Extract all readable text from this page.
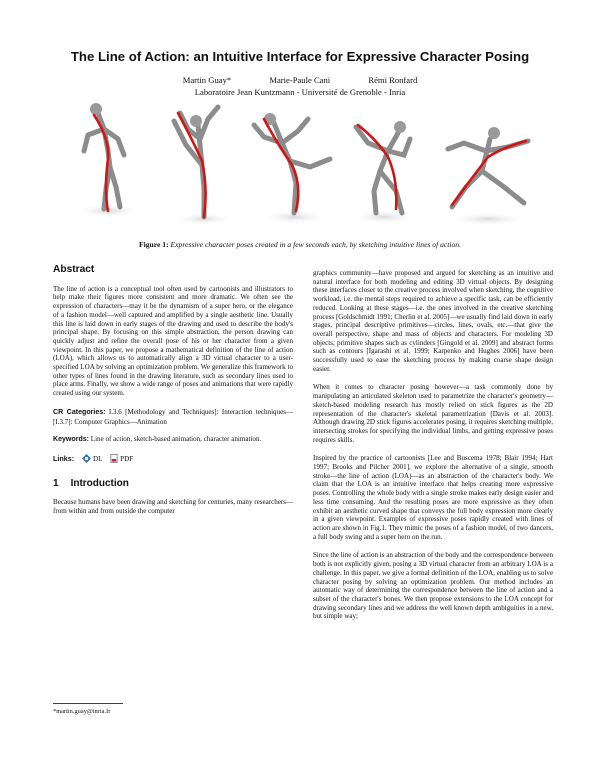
The Line of Action: an Intuitive Interface for Expressive Character Posing
Martin Guay*	Marie-Paule Cani	Rémi Ronfard
Laboratoire Jean Kuntzmann - Université de Grenoble - Inria
Figure 1: Expressive character poses created in a few seconds each, by sketching intuitive lines of action.
Abstract
The line of action is a conceptual tool often used by cartoonists and illustrators to help make their figures more consistent and more dramatic. We often see the expression of characters—may it be the dynamism of a super hero, or the elegance of a fashion model—well captured and amplified by a single aesthetic line. Usually this line is laid down in early stages of the drawing and used to describe the body's principal shape. By focusing on this simple abstraction, the person drawing can quickly adjust and refine the overall pose of his or her character from a given viewpoint. In this paper, we propose a mathematical definition of the line of action (LOA), which allows us to automatically align a 3D virtual character to a user-specified LOA by solving an optimization problem. We generalize this framework to other types of lines found in the drawing literature, such as secondary lines used to place arms. Finally, we show a wide range of poses and animations that were rapidly created using our system.
CR Categories: I.3.6 [Methodology and Techniques]: Interaction techniques— [I.3.7]: Computer Graphics—Animation
Keywords: Line of action, sketch-based animation, character animation.
Links:	DL PDF
1 Introduction
Because humans have been drawing and sketching for centuries, many researchers—from within and from outside the computer
*martin.guay@inria.fr
graphics community—have proposed and argued for sketching as an intuitive and natural interface for both modeling and editing 3D virtual objects. By designing these interfaces closer to the creative process involved when sketching, the cognitive workload, i.e. the mental steps required to achieve a specific task, can be efficiently reduced. Looking at these stages—i.e. the ones involved in the creative sketching process [Goldschmidt 1991; Cherlin et al. 2005]—we usually find laid down in early stages, principal descriptive primitives—circles, lines, ovals, etc.—that give the overall perspective, shape and mass of objects and characters. For modeling 3D objects, primitive shapes such as cylinders [Gingold et al. 2009] and abstract forms such as contours [Igarashi et al. 1999; Karpenko and Hughes 2006] have been successfully used to ease the sketching process by making coarse shape design easier.
When it comes to character posing however—a task commonly done by manipulating an articulated skeleton used to parametrize the character's geometry—sketch-based modeling research has mostly relied on stick figures as the 2D representation of the character's skeletal parametrization [Davis et al. 2003]. Although drawing 2D stick figures accelerates posing, it requires sketching multiple, intersecting strokes for specifying the individual limbs, and getting expressive poses requires skills.
Inspired by the practice of cartoonists [Lee and Buscema 1978; Blair 1994; Hart 1997; Brooks and Pilcher 2001], we explore the alternative of a single, smooth stroke—the line of action (LOA)—as an abstraction of the character's body. We claim that the LOA is an intuitive interface that helps creating more expressive poses. Controlling the whole body with a single stroke makes early design easier and less time consuming. And the resulting poses are more expressive as they often exhibit an aesthetic curved shape that conveys the full body expression more clearly in a given viewpoint. Examples of expressive poses rapidly created with lines of action are shown in Fig.1. They mimic the poses of a fashion model, of two dancers, a full body swing and a super hero on the run.
Since the line of action is an abstraction of the body and the correspondence between both is not explicitly given, posing a 3D virtual character from an arbitrary LOA is a challenge. In this paper, we give a formal definition of the LOA, enabling us to solve character posing by solving an optimization problem. Our method includes an automatic way of determining the correspondence between the line of action and a subset of the character's bones. We then propose extensions to the LOA concept for drawing secondary lines and we address the well known depth ambiguities in a new, but simple way;
